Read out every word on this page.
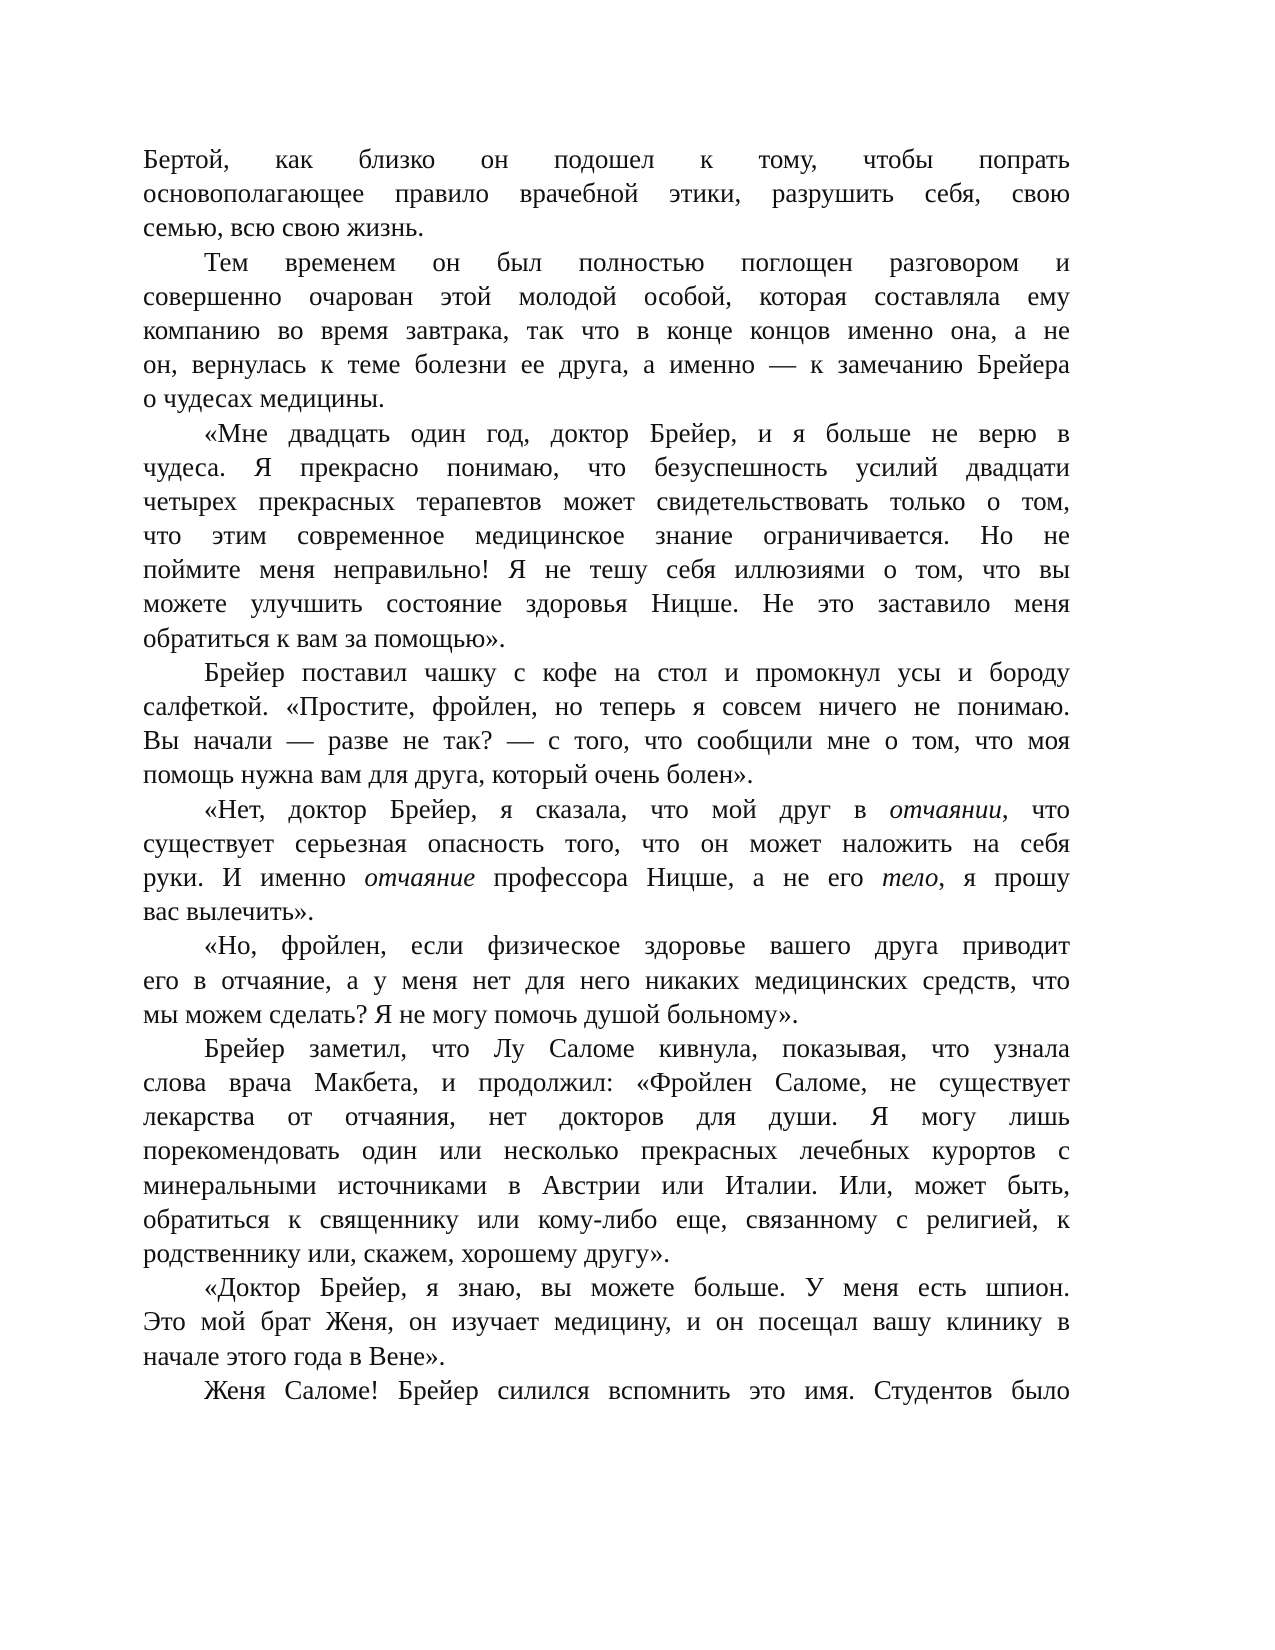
Бертой, как близко он подошел к тому, чтобы попрать
основополагающее правило врачебной этики, разрушить себя, свою
семью, всю свою жизнь.
Тем временем он был полностью поглощен разговором и
совершенно очарован этой молодой особой, которая составляла ему
компанию во время завтрака, так что в конце концов именно она, а не
он, вернулась к теме болезни ее друга, а именно — к замечанию Брейера
о чудесах медицины.
«Мне двадцать один год, доктор Брейер, и я больше не верю в
чудеса. Я прекрасно понимаю, что безуспешность усилий двадцати
четырех прекрасных терапевтов может свидетельствовать только о том,
что этим современное медицинское знание ограничивается. Но не
поймите меня неправильно! Я не тешу себя иллюзиями о том, что вы
можете улучшить состояние здоровья Ницше. Не это заставило меня
обратиться к вам за помощью».
Брейер поставил чашку с кофе на стол и промокнул усы и бороду
салфеткой. «Простите, фройлен, но теперь я совсем ничего не понимаю.
Вы начали — разве не так? — с того, что сообщили мне о том, что моя
помощь нужна вам для друга, который очень болен».
«Нет, доктор Брейер, я сказала, что мой друг в отчаянии, что
существует серьезная опасность того, что он может наложить на себя
руки. И именно отчаяние профессора Ницше, а не его тело, я прошу
вас вылечить».
«Но, фройлен, если физическое здоровье вашего друга приводит
его в отчаяние, а у меня нет для него никаких медицинских средств, что
мы можем сделать? Я не могу помочь душой больному».
Брейер заметил, что Лу Саломе кивнула, показывая, что узнала
слова врача Макбета, и продолжил: «Фройлен Саломе, не существует
лекарства от отчаяния, нет докторов для души. Я могу лишь
порекомендовать один или несколько прекрасных лечебных курортов с
минеральными источниками в Австрии или Италии. Или, может быть,
обратиться к священнику или кому-либо еще, связанному с религией, к
родственнику или, скажем, хорошему другу».
«Доктор Брейер, я знаю, вы можете больше. У меня есть шпион.
Это мой брат Женя, он изучает медицину, и он посещал вашу клинику в
начале этого года в Вене».
Женя Саломе! Брейер силился вспомнить это имя. Студентов было
